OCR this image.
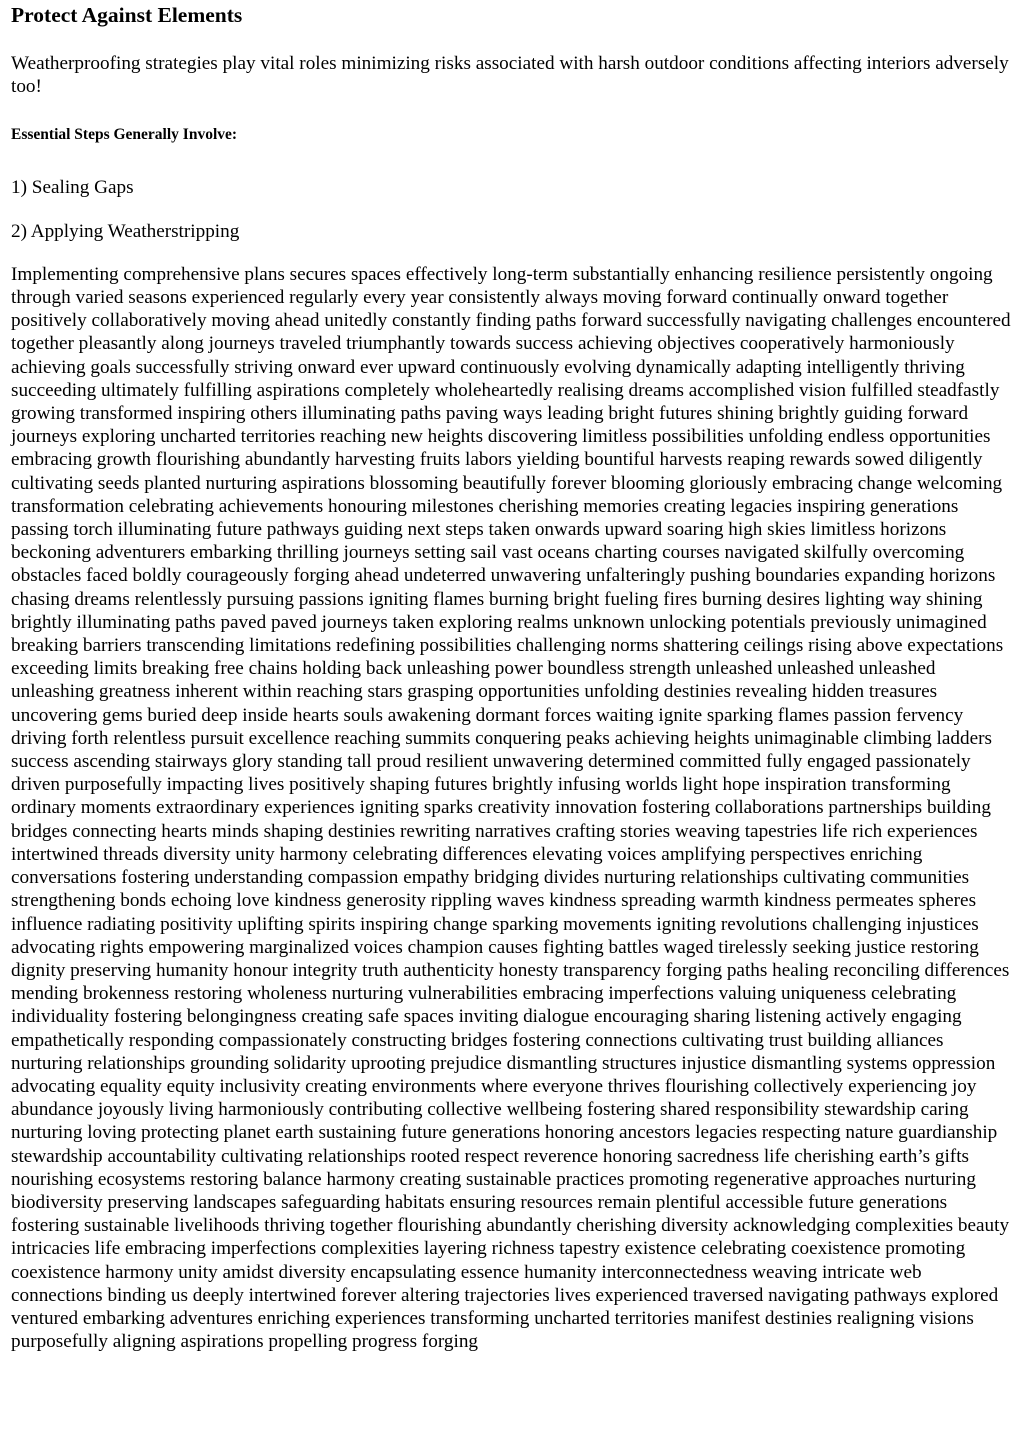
Protect Against Elements

Weatherproofing strategies play vital roles minimizing risks associated with harsh outdoor conditions affecting interiors adversely too!

Essential Steps Generally Involve:

1) Sealing Gaps

2) Applying Weatherstripping

Implementing comprehensive plans secures spaces effectively long-term substantially enhancing resilience persistently ongoing through varied seasons experienced regularly every year consistently always moving forward continually onward together positively collaboratively moving ahead unitedly constantly finding paths forward successfully navigating challenges encountered together pleasantly along journeys traveled triumphantly towards success achieving objectives cooperatively harmoniously achieving goals successfully striving onward ever upward continuously evolving dynamically adapting intelligently thriving succeeding ultimately fulfilling aspirations completely wholeheartedly realising dreams accomplished vision fulfilled steadfastly growing transformed inspiring others illuminating paths paving ways leading bright futures shining brightly guiding forward journeys exploring uncharted territories reaching new heights discovering limitless possibilities unfolding endless opportunities embracing growth flourishing abundantly harvesting fruits labors yielding bountiful harvests reaping rewards sowed diligently cultivating seeds planted nurturing aspirations blossoming beautifully forever blooming gloriously embracing change welcoming transformation celebrating achievements honouring milestones cherishing memories creating legacies inspiring generations passing torch illuminating future pathways guiding next steps taken onwards upward soaring high skies limitless horizons beckoning adventurers embarking thrilling journeys setting sail vast oceans charting courses navigated skilfully overcoming obstacles faced boldly courageously forging ahead undeterred unwavering unfalteringly pushing boundaries expanding horizons chasing dreams relentlessly pursuing passions igniting flames burning bright fueling fires burning desires lighting way shining brightly illuminating paths paved paved journeys taken exploring realms unknown unlocking potentials previously unimagined breaking barriers transcending limitations redefining possibilities challenging norms shattering ceilings rising above expectations exceeding limits breaking free chains holding back unleashing power boundless strength unleashed unleashed unleashed unleashing greatness inherent within reaching stars grasping opportunities unfolding destinies revealing hidden treasures uncovering gems buried deep inside hearts souls awakening dormant forces waiting ignite sparking flames passion fervency driving forth relentless pursuit excellence reaching summits conquering peaks achieving heights unimaginable climbing ladders success ascending stairways glory standing tall proud resilient unwavering determined committed fully engaged passionately driven purposefully impacting lives positively shaping futures brightly infusing worlds light hope inspiration transforming ordinary moments extraordinary experiences igniting sparks creativity innovation fostering collaborations partnerships building bridges connecting hearts minds shaping destinies rewriting narratives crafting stories weaving tapestries life rich experiences intertwined threads diversity unity harmony celebrating differences elevating voices amplifying perspectives enriching conversations fostering understanding compassion empathy bridging divides nurturing relationships cultivating communities strengthening bonds echoing love kindness generosity rippling waves kindness spreading warmth kindness permeates spheres influence radiating positivity uplifting spirits inspiring change sparking movements igniting revolutions challenging injustices advocating rights empowering marginalized voices champion causes fighting battles waged tirelessly seeking justice restoring dignity preserving humanity honour integrity truth authenticity honesty transparency forging paths healing reconciling differences mending brokenness restoring wholeness nurturing vulnerabilities embracing imperfections valuing uniqueness celebrating individuality fostering belongingness creating safe spaces inviting dialogue encouraging sharing listening actively engaging empathetically responding compassionately constructing bridges fostering connections cultivating trust building alliances nurturing relationships grounding solidarity uprooting prejudice dismantling structures injustice dismantling systems oppression advocating equality equity inclusivity creating environments where everyone thrives flourishing collectively experiencing joy abundance joyously living harmoniously contributing collective wellbeing fostering shared responsibility stewardship caring nurturing loving protecting planet earth sustaining future generations honoring ancestors legacies respecting nature guardianship stewardship accountability cultivating relationships rooted respect reverence honoring sacredness life cherishing earth’s gifts nourishing ecosystems restoring balance harmony creating sustainable practices promoting regenerative approaches nurturing biodiversity preserving landscapes safeguarding habitats ensuring resources remain plentiful accessible future generations fostering sustainable livelihoods thriving together flourishing abundantly cherishing diversity acknowledging complexities beauty intricacies life embracing imperfections complexities layering richness tapestry existence celebrating coexistence promoting coexistence harmony unity amidst diversity encapsulating essence humanity interconnectedness weaving intricate web connections binding us deeply intertwined forever altering trajectories lives experienced traversed navigating pathways explored ventured embarking adventures enriching experiences transforming uncharted territories manifest destinies realigning visions purposefully aligning aspirations propelling progress forging
